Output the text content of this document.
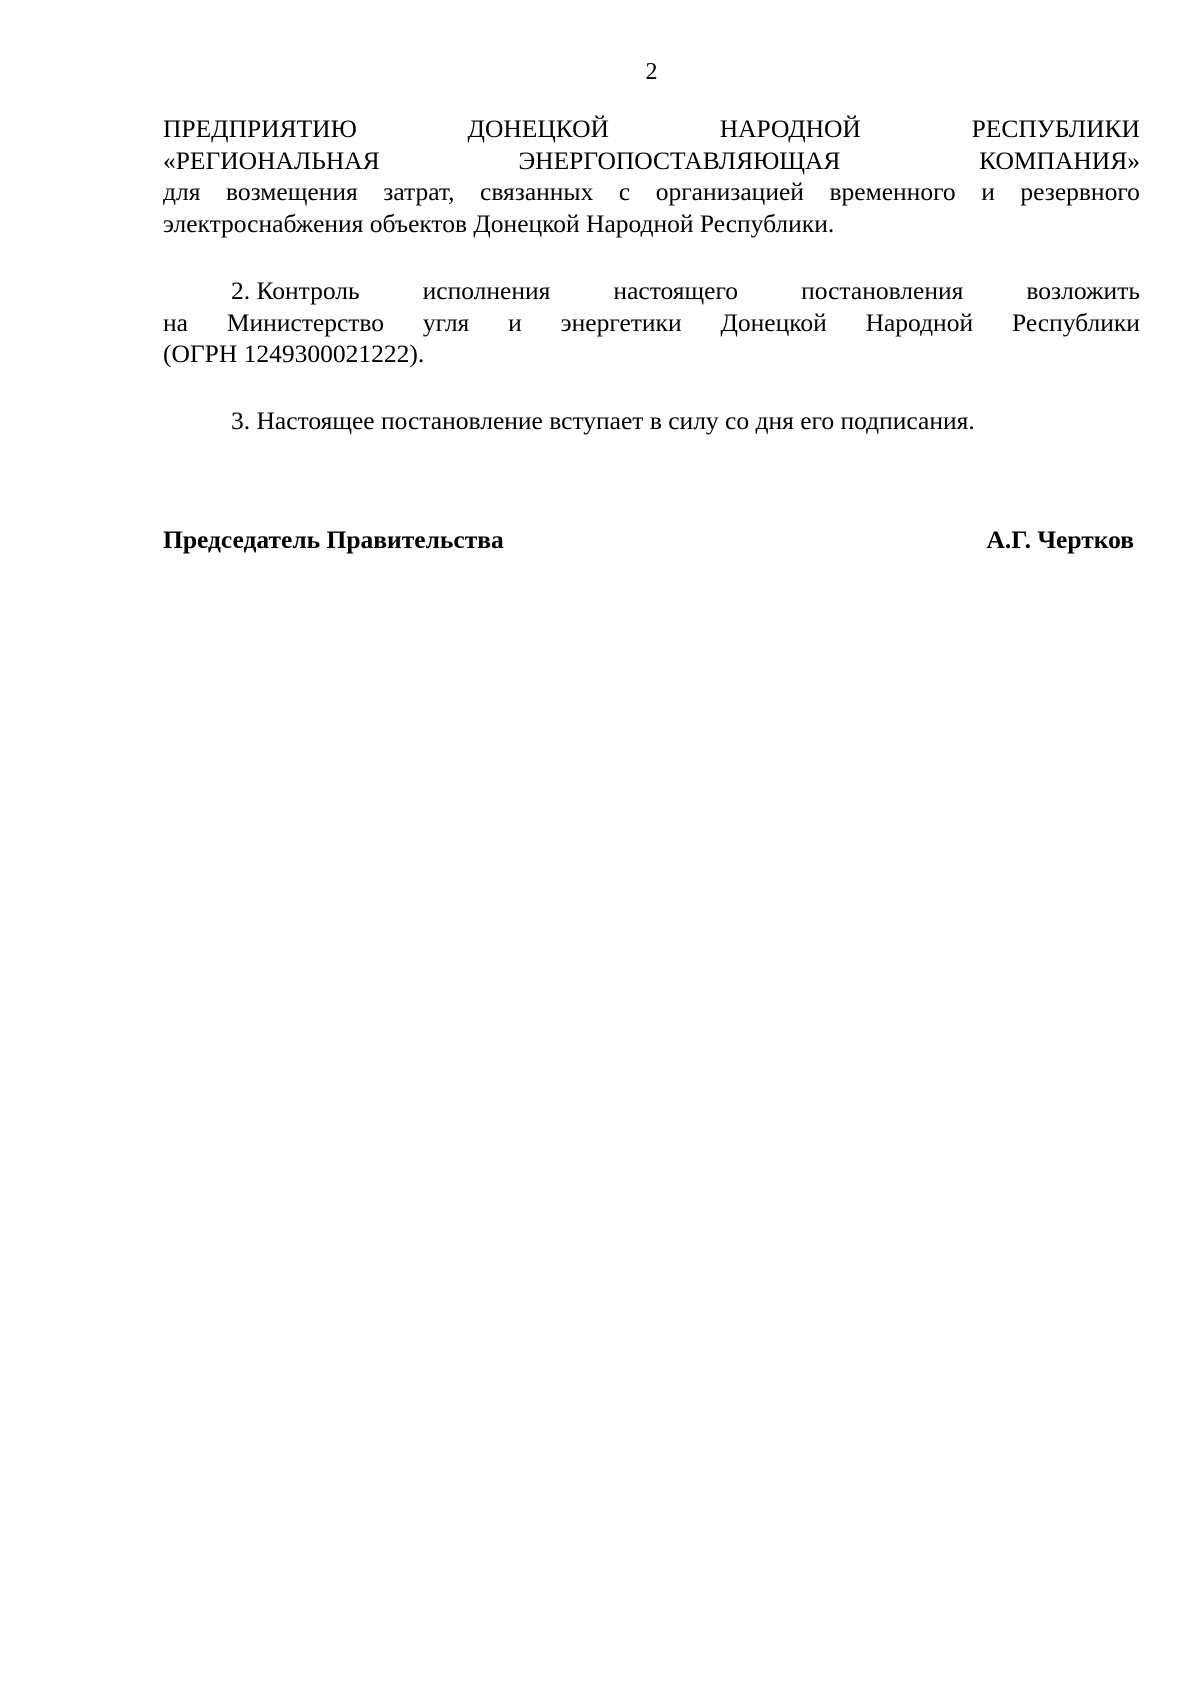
2
ПРЕДПРИЯТИЮ	ДОНЕЦКОЙ	НАРОДНОЙ	РЕСПУБЛИКИ
«РЕГИОНАЛЬНАЯ	ЭНЕРГОПОСТАВЛЯЮЩАЯ	КОМПАНИЯ»
для возмещения затрат, связанных с организацией временного и резервного
электроснабжения объектов Донецкой Народной Республики.
2. Контроль исполнения настоящего постановления возложить
на Министерство угля и энергетики Донецкой Народной Республики
(ОГРН 1249300021222).
3. Настоящее постановление вступает в силу со дня его подписания.
Председатель Правительства	А.Г. Чертков
